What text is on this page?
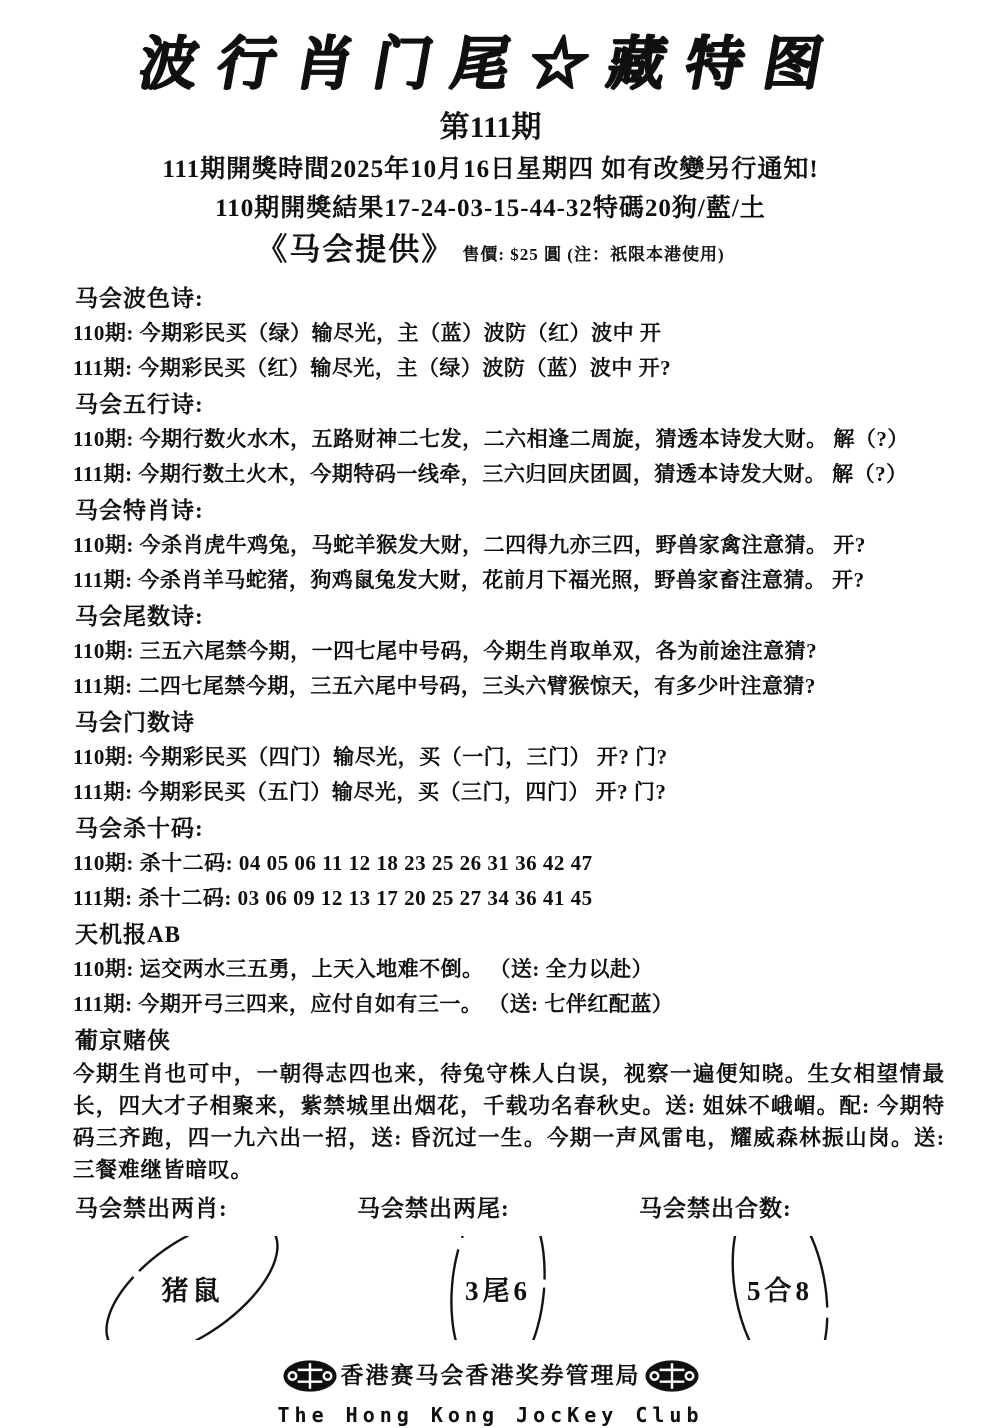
波行肖门尾☆藏特图
第111期
111期開獎時間2025年10月16日星期四 如有改變另行通知!
110期開獎結果17-24-03-15-44-32特碼20狗/藍/土
《马会提供》 售價: $25 圓 (注：祇限本港使用)
马会波色诗:
110期: 今期彩民买（绿）输尽光，主（蓝）波防（红）波中 开
111期: 今期彩民买（红）输尽光，主（绿）波防（蓝）波中 开?
马会五行诗:
110期: 今期行数火水木，五路财神二七发，二六相逢二周旋，猜透本诗发大财。 解（?）
111期: 今期行数土火木，今期特码一线牵，三六归回庆团圆，猜透本诗发大财。 解（?）
马会特肖诗:
110期: 今杀肖虎牛鸡兔，马蛇羊猴发大财，二四得九亦三四，野兽家禽注意猜。 开?
111期: 今杀肖羊马蛇猪，狗鸡鼠兔发大财，花前月下福光照，野兽家畜注意猜。 开?
马会尾数诗:
110期: 三五六尾禁今期，一四七尾中号码，今期生肖取单双，各为前途注意猜?
111期: 二四七尾禁今期，三五六尾中号码，三头六臂猴惊天，有多少叶注意猜?
马会门数诗
110期: 今期彩民买（四门）输尽光，买（一门，三门） 开? 门?
111期: 今期彩民买（五门）输尽光，买（三门，四门） 开? 门?
马会杀十码:
110期: 杀十二码: 04 05 06 11 12 18 23 25 26 31 36 42 47
111期: 杀十二码: 03 06 09 12 13 17 20 25 27 34 36 41 45
天机报AB
110期: 运交两水三五勇，上天入地难不倒。 （送: 全力以赴）
111期: 今期开弓三四来，应付自如有三一。 （送: 七伴红配蓝）
葡京赌侠
今期生肖也可中，一朝得志四也来，待兔守株人白误，视察一遍便知晓。生女相望情最长，四大才子相聚来，紫禁城里出烟花，千载功名春秋史。送: 姐妹不峨嵋。配: 今期特码三齐跑，四一九六出一招，送: 昏沉过一生。今期一声风雷电，耀威森林振山岗。送: 三餐难继皆暗叹。
马会禁出两肖:
猪鼠
马会禁出两尾:
3尾6
马会禁出合数:
5合8
香港赛马会香港奖券管理局
The Hong Kong JocKey Club
